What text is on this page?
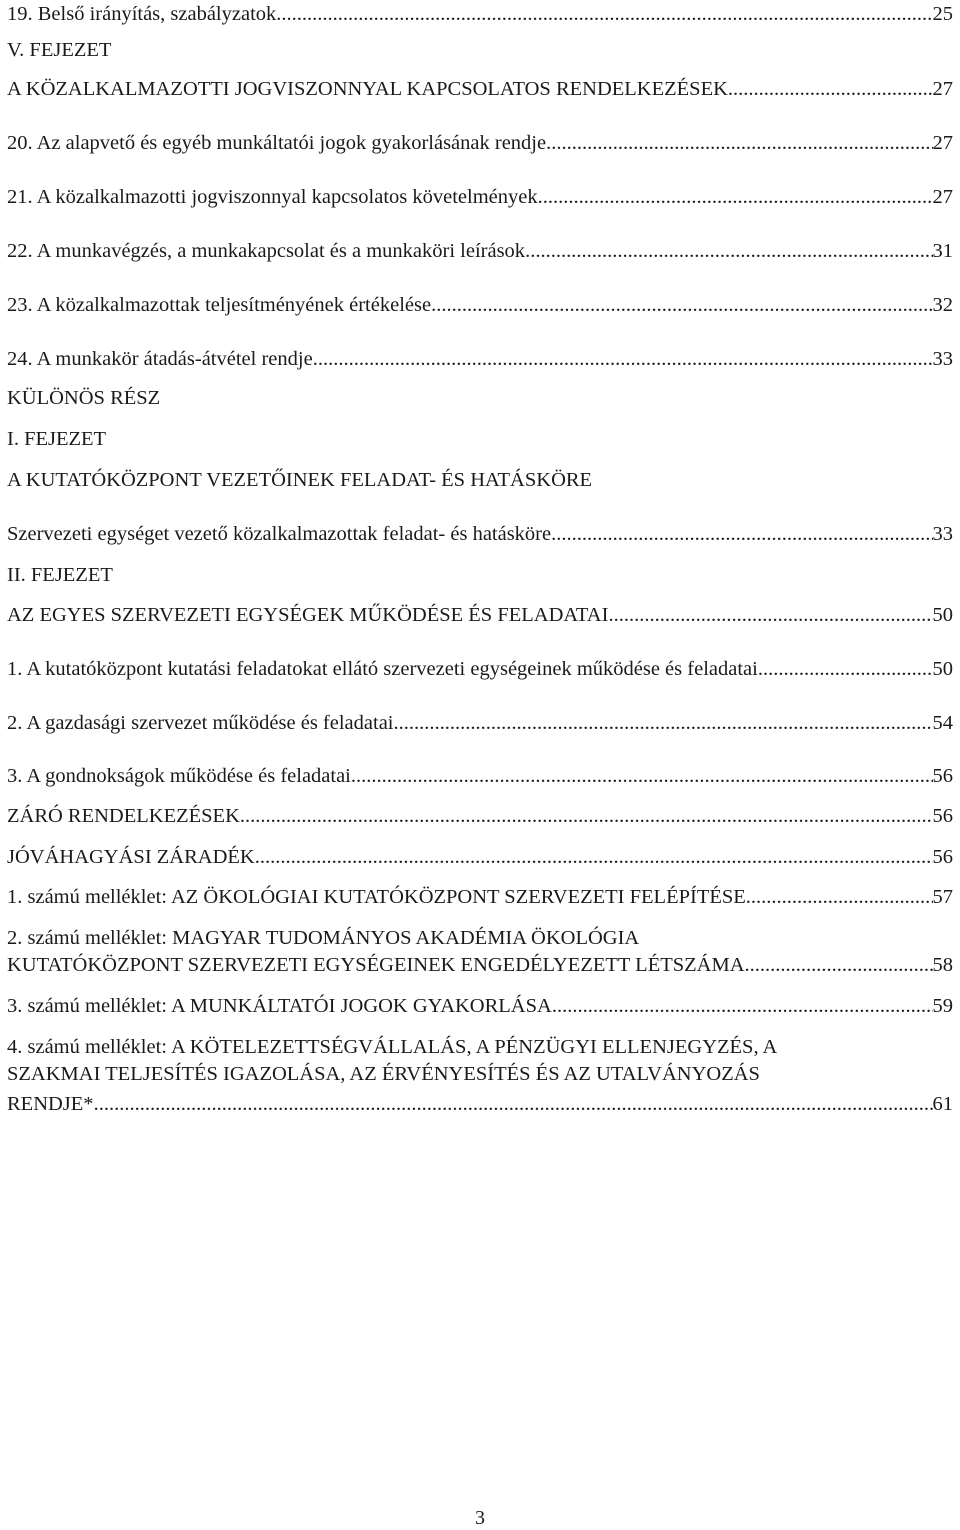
19. Belső irányítás, szabályzatok .....	25
V. FEJEZET
A KÖZALKALMAZOTTI JOGVISZONNYAL KAPCSOLATOS RENDELKEZÉSEK .....	27
20. Az alapvető és egyéb munkáltatói jogok gyakorlásának rendje .....	27
21. A közalkalmazotti jogviszonnyal kapcsolatos követelmények .....	27
22. A munkavégzés, a munkakapcsolat és a munkaköri leírások .....	31
23. A közalkalmazottak teljesítményének értékelése .....	32
24. A munkakör átadás-átvétel rendje .....	33
KÜLÖNÖS RÉSZ
I. FEJEZET
A KUTATÓKÖZPONT VEZETŐINEK FELADAT- ÉS HATÁSKÖRE
Szervezeti egységet vezető közalkalmazottak feladat- és hatásköre .....	33
II. FEJEZET
AZ EGYES SZERVEZETI EGYSÉGEK MŰKÖDÉSE ÉS FELADATAI .....	50
1. A kutatóközpont kutatási feladatokat ellátó szervezeti egységeinek működése és feladatai .....	50
2. A gazdasági szervezet működése és feladatai .....	54
3. A gondnokságok működése és feladatai .....	56
ZÁRÓ RENDELKEZÉSEK .....	56
JÓVÁHAGYÁSI ZÁRADÉK .....	56
1. számú melléklet: AZ ÖKOLÓGIAI KUTATÓKÖZPONT SZERVEZETI FELÉPÍTÉSE .....	57
2. számú melléklet: MAGYAR TUDOMÁNYOS AKADÉMIA ÖKOLÓGIA
KUTATÓKÖZPONT SZERVEZETI EGYSÉGEINEK ENGEDÉLYEZETT LÉTSZÁMA .....	58
3. számú melléklet: A MUNKÁLTATÓI JOGOK GYAKORLÁSA .....	59
4. számú melléklet: A KÖTELEZETTSÉGVÁLLALÁS, A PÉNZÜGYI ELLENJEGYZÉS, A
SZAKMAI TELJESÍTÉS IGAZOLÁSA, AZ ÉRVÉNYESÍTÉS ÉS AZ UTALVÁNYOZÁS
RENDJE* .....	61
3
